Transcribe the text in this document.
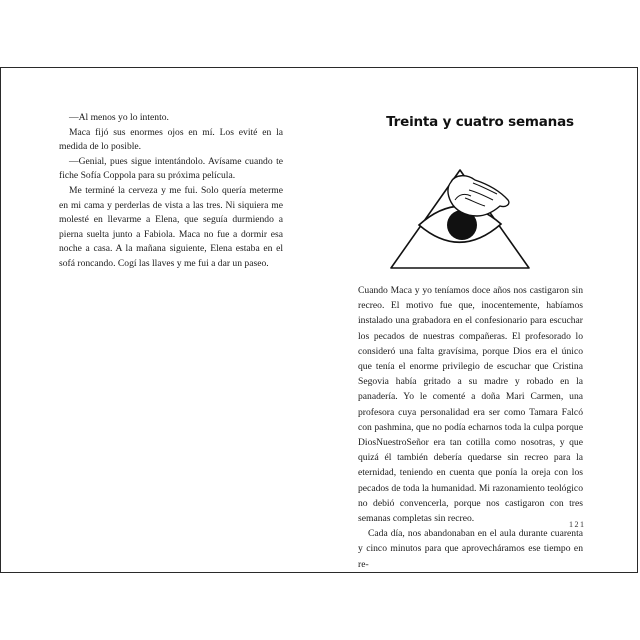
—Al menos yo lo intento.

Maca fijó sus enormes ojos en mí. Los evité en la medida de lo posible.

—Genial, pues sigue intentándolo. Avísame cuando te fiche Sofía Coppola para su próxima película.

Me terminé la cerveza y me fui. Solo quería meterme en mi cama y perderlas de vista a las tres. Ni siquiera me molesté en llevarme a Elena, que seguía durmiendo a pierna suelta junto a Fabiola. Maca no fue a dormir esa noche a casa. A la mañana siguiente, Elena estaba en el sofá roncando. Cogí las llaves y me fui a dar un paseo.

Treinta y cuatro semanas

Cuando Maca y yo teníamos doce años nos castigaron sin recreo. El motivo fue que, inocentemente, habíamos instalado una grabadora en el confesionario para escuchar los pecados de nuestras compañeras. El profesorado lo consideró una falta gravísima, porque Dios era el único que tenía el enorme privilegio de escuchar que Cristina Segovia había gritado a su madre y robado en la panadería. Yo le comenté a doña Mari Carmen, una profesora cuya personalidad era ser como Tamara Falcó con pashmina, que no podía echarnos toda la culpa porque DiosNuestroSeñor era tan cotilla como nosotras, y que quizá él también debería quedarse sin recreo para la eternidad, teniendo en cuenta que ponía la oreja con los pecados de toda la humanidad. Mi razonamiento teológico no debió convencerla, porque nos castigaron con tres semanas completas sin recreo.

Cada día, nos abandonaban en el aula durante cuarenta y cinco minutos para que aprovecháramos ese tiempo en re-

121
